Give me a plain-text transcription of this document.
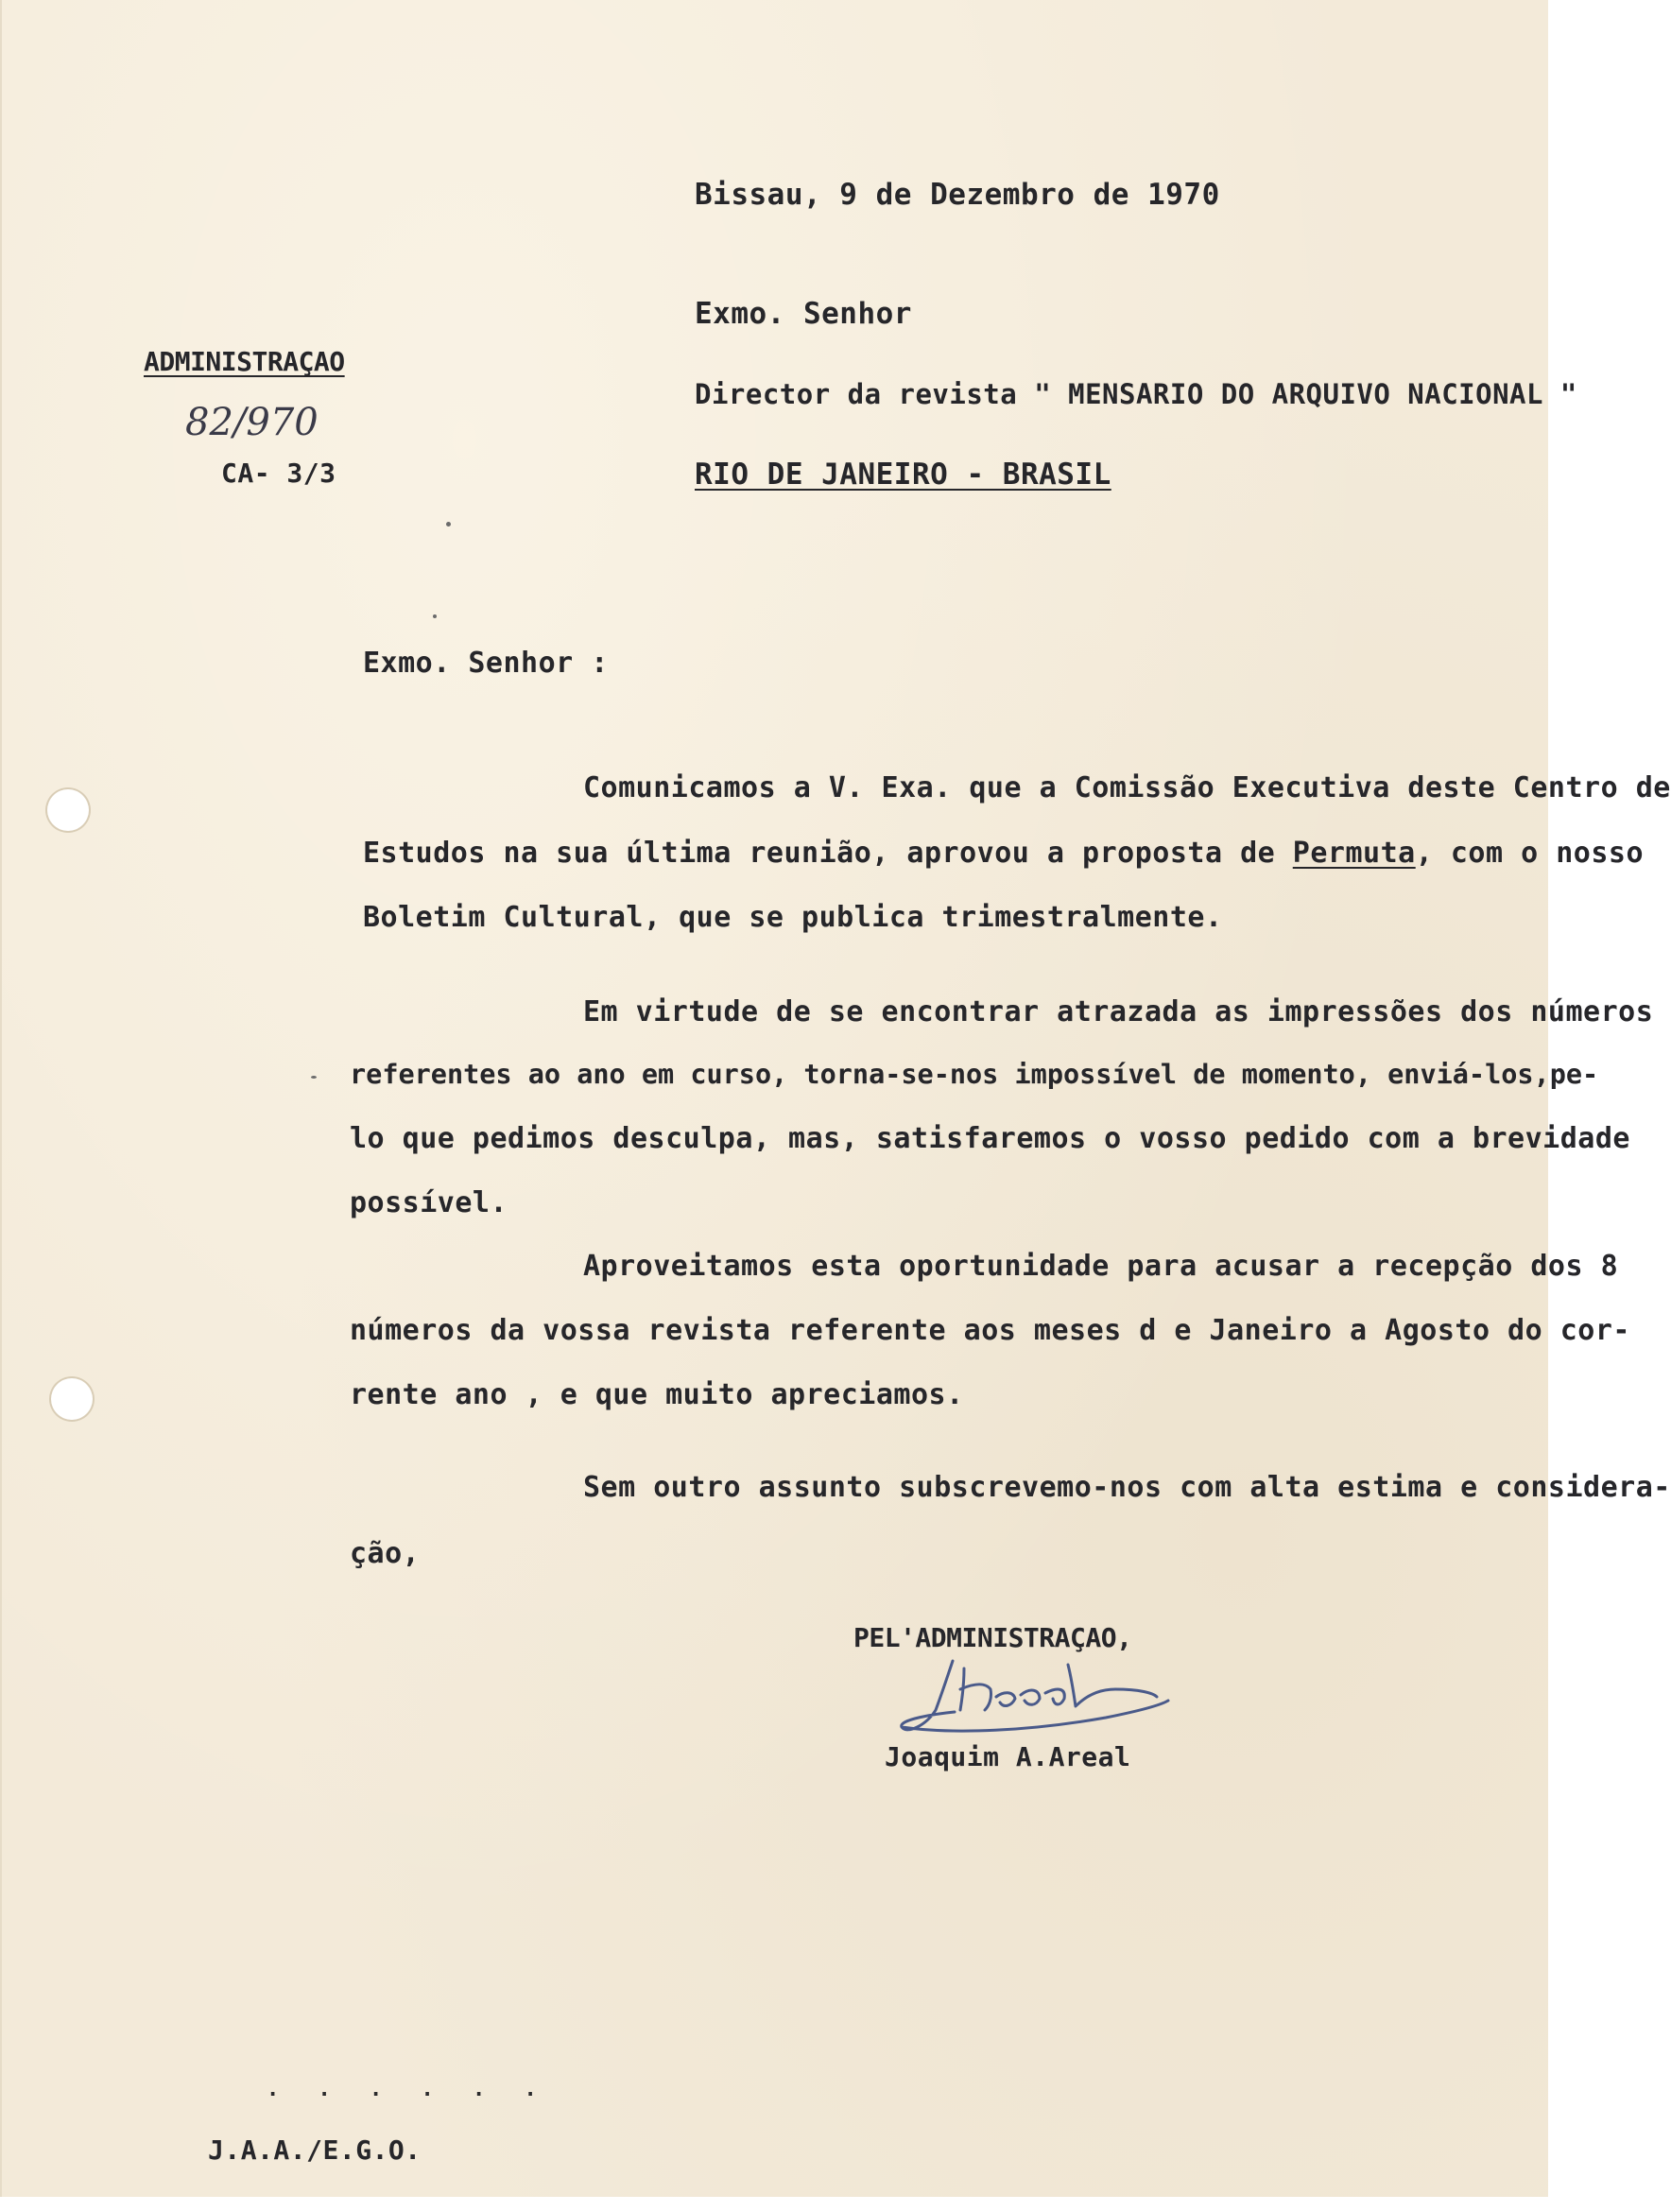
Bissau, 9 de Dezembro de 1970
Exmo. Senhor
Director da revista " MENSARIO DO ARQUIVO NACIONAL "
RIO DE JANEIRO - BRASIL
ADMINISTRAÇAO
82/970
CA- 3/3
Exmo. Senhor :
Comunicamos a V. Exa. que a Comissão Executiva deste Centro de
Estudos na sua última reunião, aprovou a proposta de Permuta, com o nosso
Boletim Cultural, que se publica trimestralmente.
Em virtude de se encontrar atrazada as impressões dos números
referentes ao ano em curso, torna-se-nos impossível de momento, enviá-los,pe-
lo que pedimos desculpa, mas, satisfaremos o vosso pedido com a brevidade
possível.
Aproveitamos esta oportunidade para acusar a recepção dos 8
números da vossa revista referente aos meses d e Janeiro a Agosto do cor-
rente ano , e que muito apreciamos.
Sem outro assunto subscrevemo-nos com alta estima e considera-
ção,
PEL'ADMINISTRAÇAO,
Joaquim A.Areal
. . . . . .
J.A.A./E.G.O.
